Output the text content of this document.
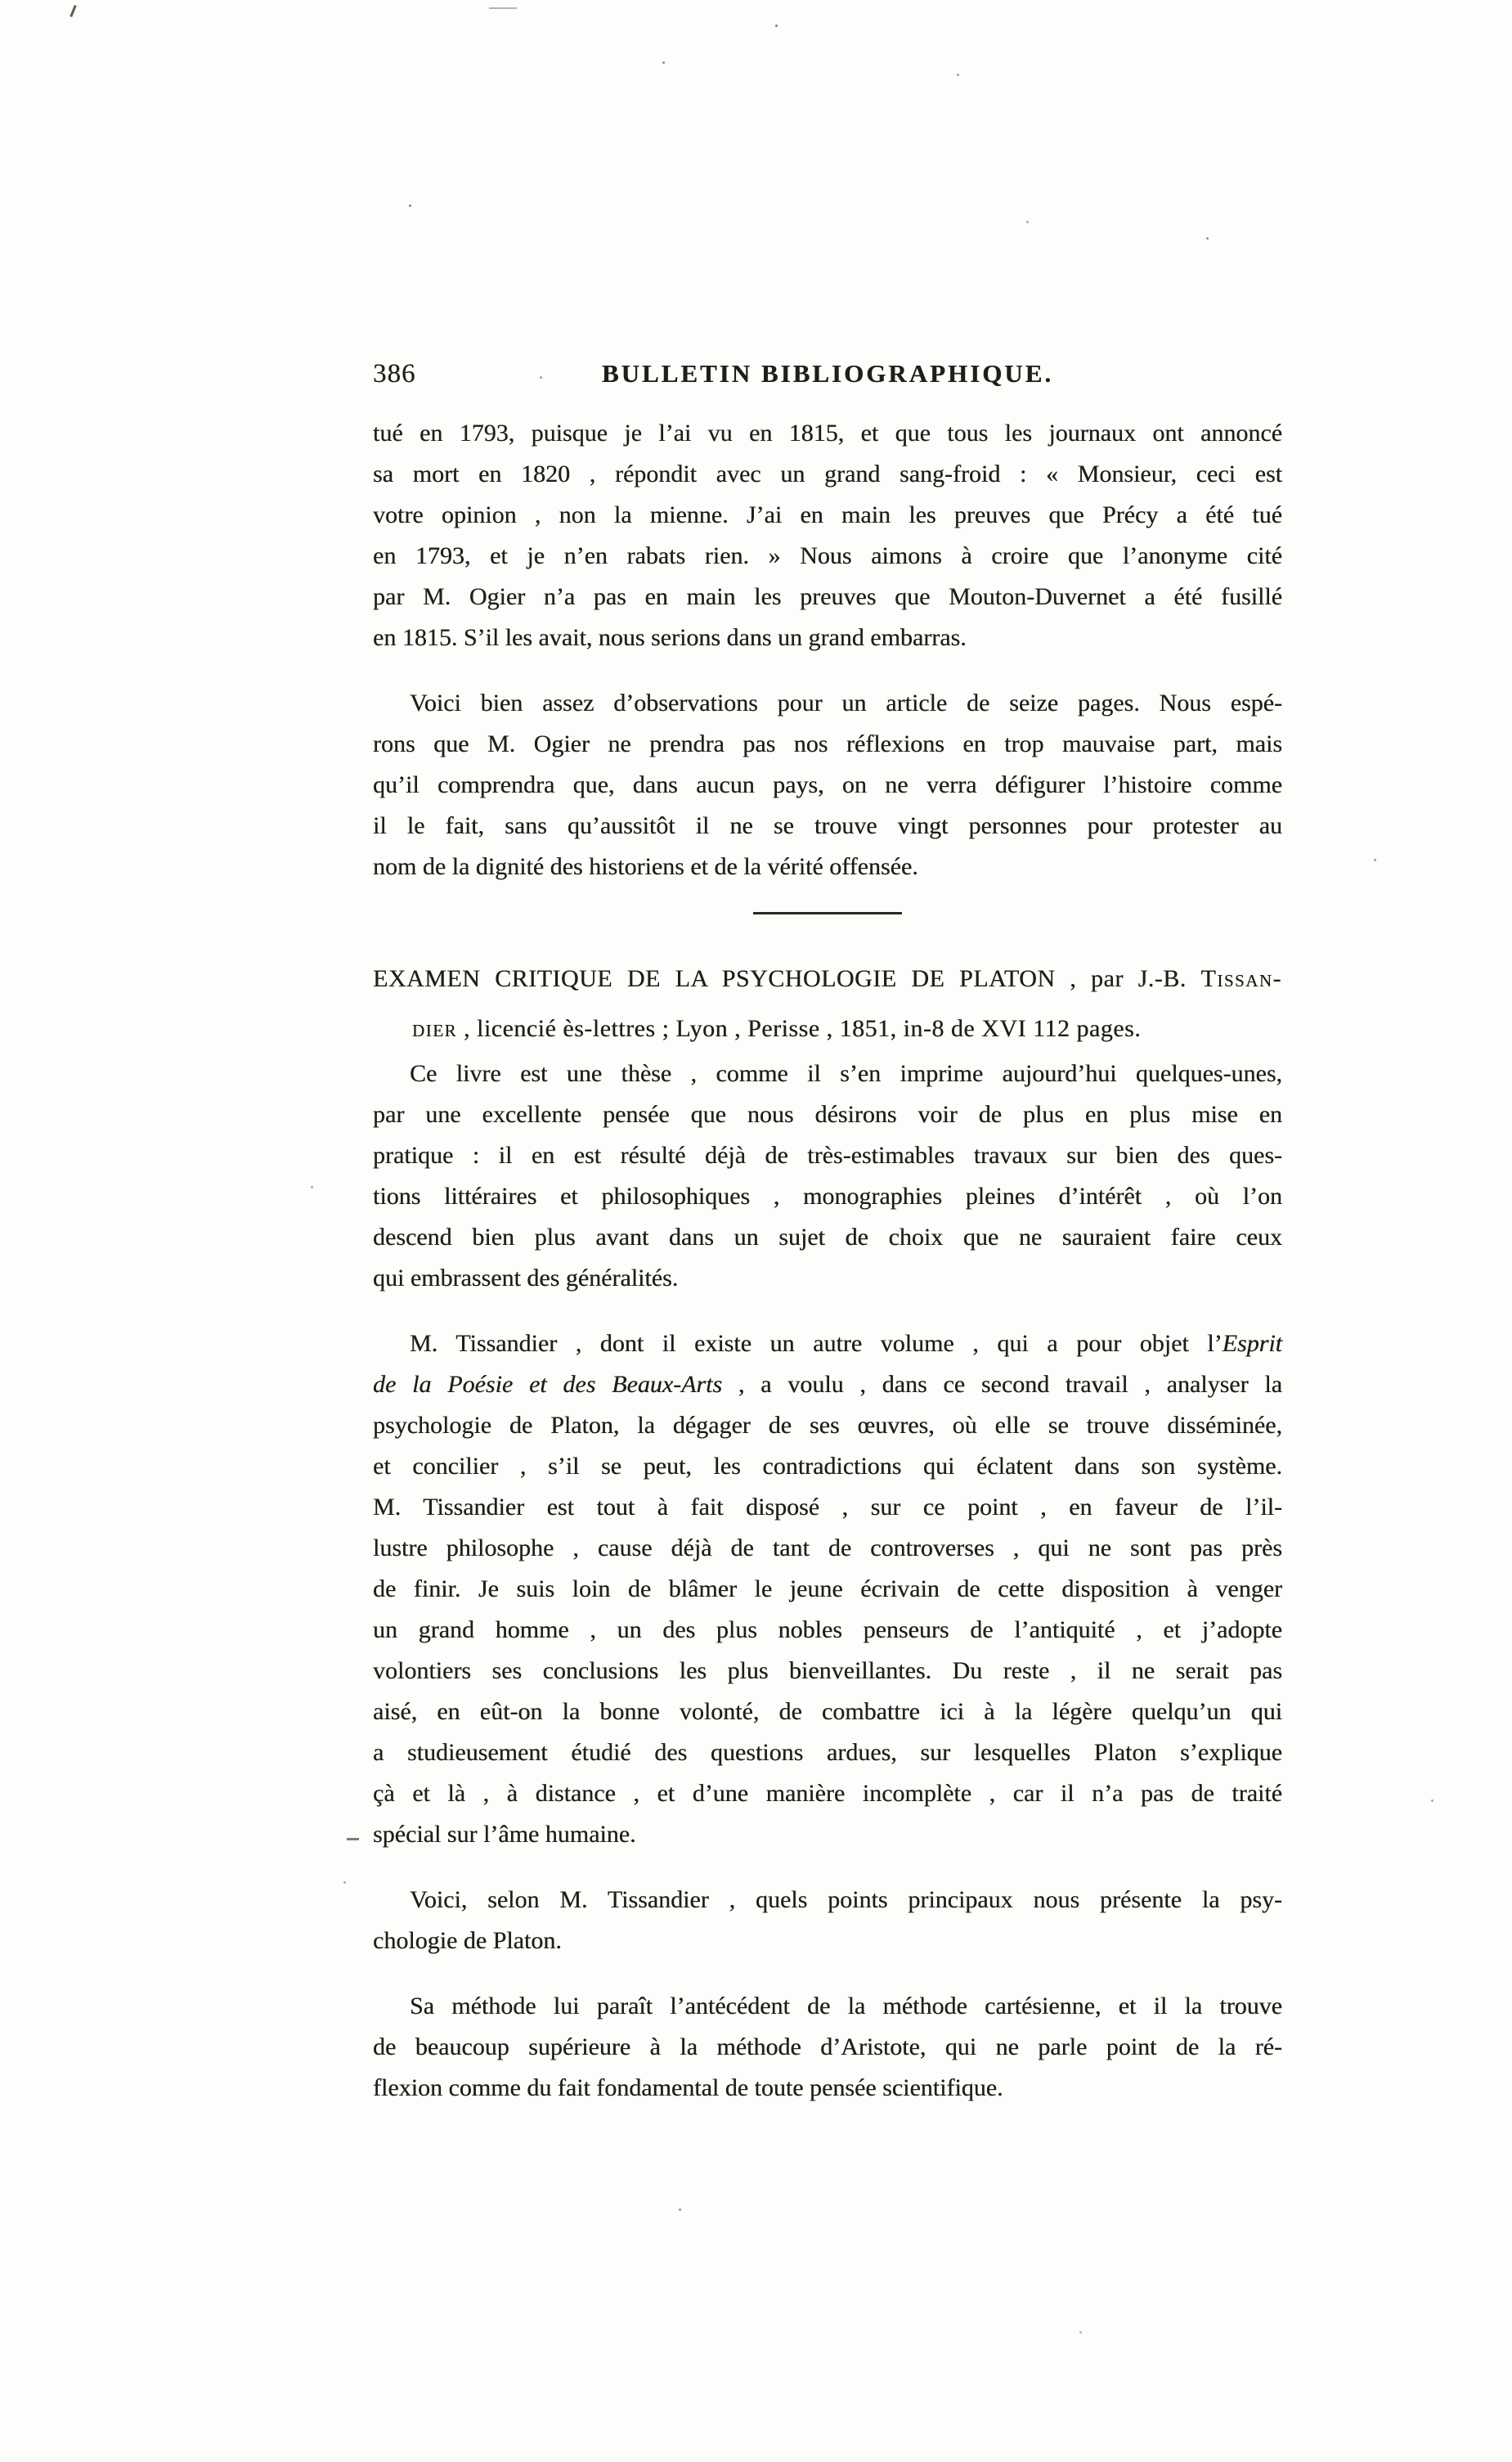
386	BULLETIN BIBLIOGRAPHIQUE.

tué en 1793, puisque je l’ai vu en 1815, et que tous les journaux ont annoncé
sa mort en 1820 , répondit avec un grand sang-froid : « Monsieur, ceci est
votre opinion , non la mienne. J’ai en main les preuves que Précy a été tué
en 1793, et je n’en rabats rien. » Nous aimons à croire que l’anonyme cité
par M. Ogier n’a pas en main les preuves que Mouton-Duvernet a été fusillé
en 1815. S’il les avait, nous serions dans un grand embarras.

Voici bien assez d’observations pour un article de seize pages. Nous espé-
rons que M. Ogier ne prendra pas nos réflexions en trop mauvaise part, mais
qu’il comprendra que, dans aucun pays, on ne verra défigurer l’histoire comme
il le fait, sans qu’aussitôt il ne se trouve vingt personnes pour protester au
nom de la dignité des historiens et de la vérité offensée.

EXAMEN CRITIQUE DE LA PSYCHOLOGIE DE PLATON , par J.-B. Tissan-
dier , licencié ès-lettres ; Lyon , Perisse , 1851, in-8 de XVI 112 pages.

Ce livre est une thèse , comme il s’en imprime aujourd’hui quelques-unes,
par une excellente pensée que nous désirons voir de plus en plus mise en
pratique : il en est résulté déjà de très-estimables travaux sur bien des ques-
tions littéraires et philosophiques , monographies pleines d’intérêt , où l’on
descend bien plus avant dans un sujet de choix que ne sauraient faire ceux
qui embrassent des généralités.

M. Tissandier , dont il existe un autre volume , qui a pour objet l’Esprit
de la Poésie et des Beaux-Arts , a voulu , dans ce second travail , analyser la
psychologie de Platon, la dégager de ses œuvres, où elle se trouve disséminée,
et concilier , s’il se peut, les contradictions qui éclatent dans son système.
M. Tissandier est tout à fait disposé , sur ce point , en faveur de l’il-
lustre philosophe , cause déjà de tant de controverses , qui ne sont pas près
de finir. Je suis loin de blâmer le jeune écrivain de cette disposition à venger
un grand homme , un des plus nobles penseurs de l’antiquité , et j’adopte
volontiers ses conclusions les plus bienveillantes. Du reste , il ne serait pas
aisé, en eût-on la bonne volonté, de combattre ici à la légère quelqu’un qui
a studieusement étudié des questions ardues, sur lesquelles Platon s’explique
çà et là , à distance , et d’une manière incomplète , car il n’a pas de traité
spécial sur l’âme humaine.

Voici, selon M. Tissandier , quels points principaux nous présente la psy-
chologie de Platon.

Sa méthode lui paraît l’antécédent de la méthode cartésienne, et il la trouve
de beaucoup supérieure à la méthode d’Aristote, qui ne parle point de la ré-
flexion comme du fait fondamental de toute pensée scientifique.
